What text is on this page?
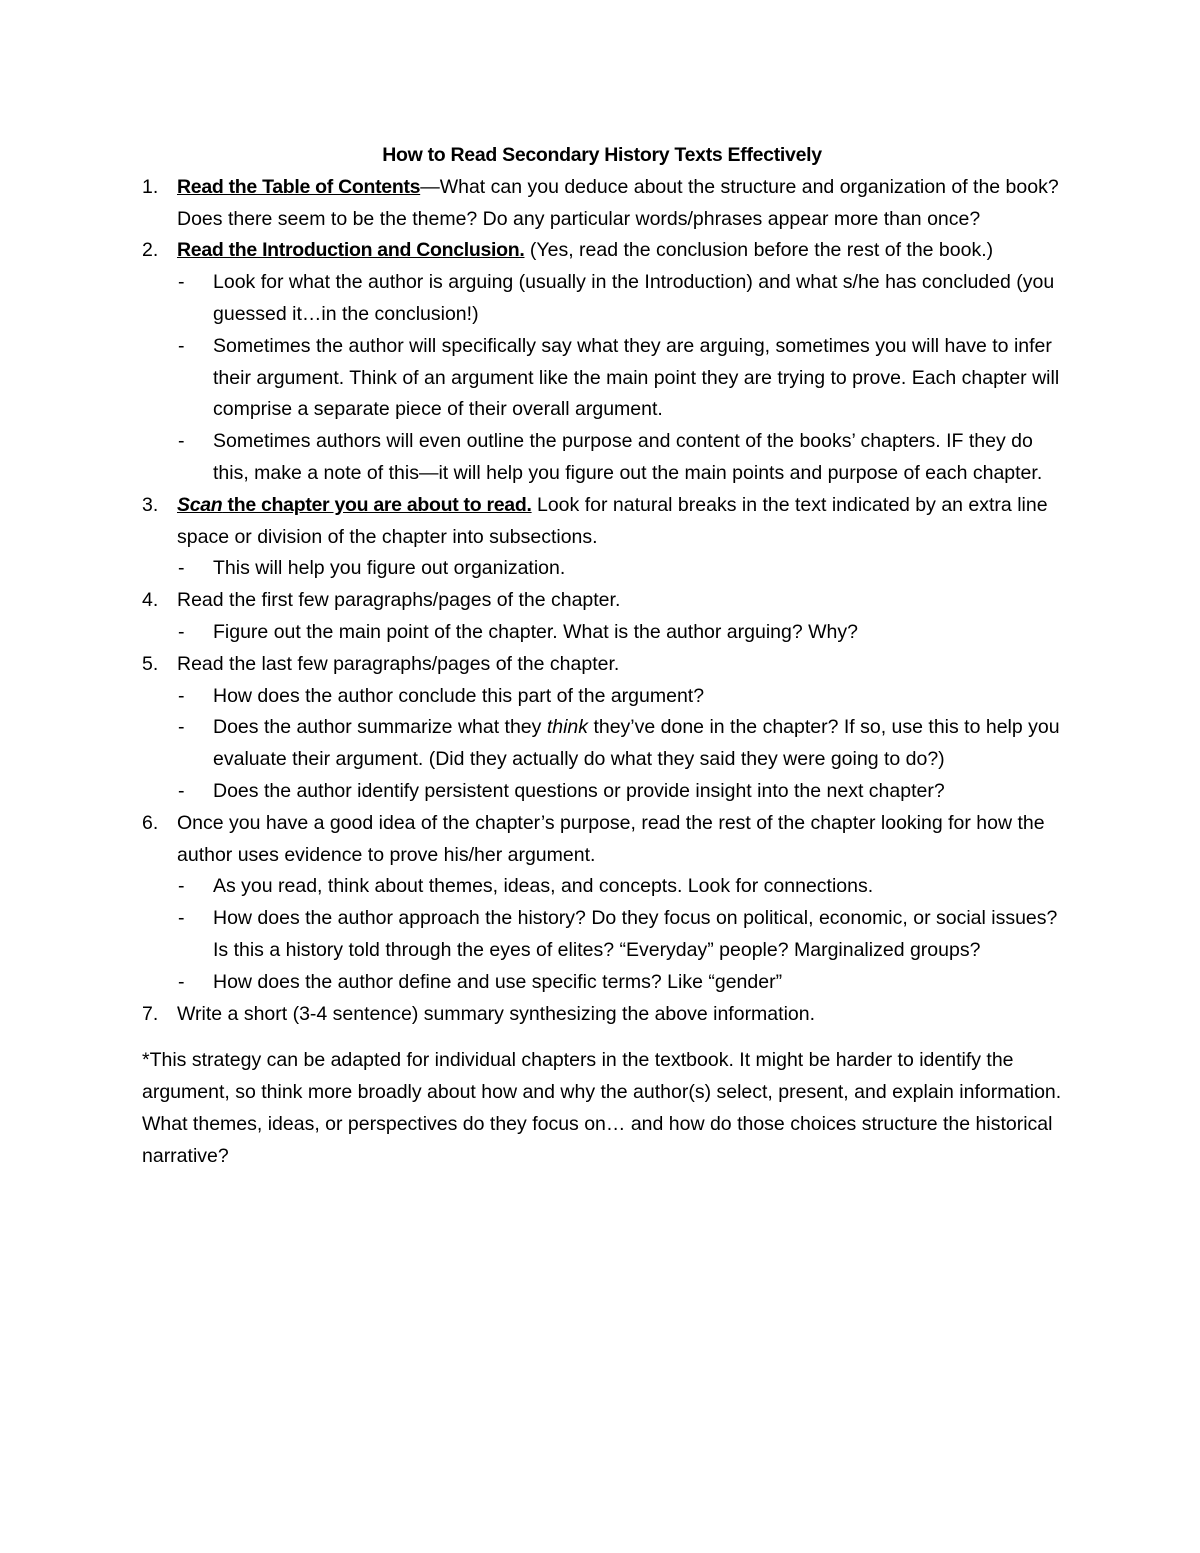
How to Read Secondary History Texts Effectively
1. Read the Table of Contents—What can you deduce about the structure and organization of the book? Does there seem to be the theme? Do any particular words/phrases appear more than once?
2. Read the Introduction and Conclusion. (Yes, read the conclusion before the rest of the book.)
- Look for what the author is arguing (usually in the Introduction) and what s/he has concluded (you guessed it…in the conclusion!)
- Sometimes the author will specifically say what they are arguing, sometimes you will have to infer their argument. Think of an argument like the main point they are trying to prove. Each chapter will comprise a separate piece of their overall argument.
- Sometimes authors will even outline the purpose and content of the books’ chapters. IF they do this, make a note of this—it will help you figure out the main points and purpose of each chapter.
3. Scan the chapter you are about to read. Look for natural breaks in the text indicated by an extra line space or division of the chapter into subsections.
- This will help you figure out organization.
4. Read the first few paragraphs/pages of the chapter.
- Figure out the main point of the chapter. What is the author arguing? Why?
5. Read the last few paragraphs/pages of the chapter.
- How does the author conclude this part of the argument?
- Does the author summarize what they think they’ve done in the chapter? If so, use this to help you evaluate their argument. (Did they actually do what they said they were going to do?)
- Does the author identify persistent questions or provide insight into the next chapter?
6. Once you have a good idea of the chapter’s purpose, read the rest of the chapter looking for how the author uses evidence to prove his/her argument.
- As you read, think about themes, ideas, and concepts. Look for connections.
- How does the author approach the history? Do they focus on political, economic, or social issues? Is this a history told through the eyes of elites? “Everyday” people? Marginalized groups?
- How does the author define and use specific terms? Like “gender”
7. Write a short (3-4 sentence) summary synthesizing the above information.

*This strategy can be adapted for individual chapters in the textbook. It might be harder to identify the argument, so think more broadly about how and why the author(s) select, present, and explain information. What themes, ideas, or perspectives do they focus on… and how do those choices structure the historical narrative?
